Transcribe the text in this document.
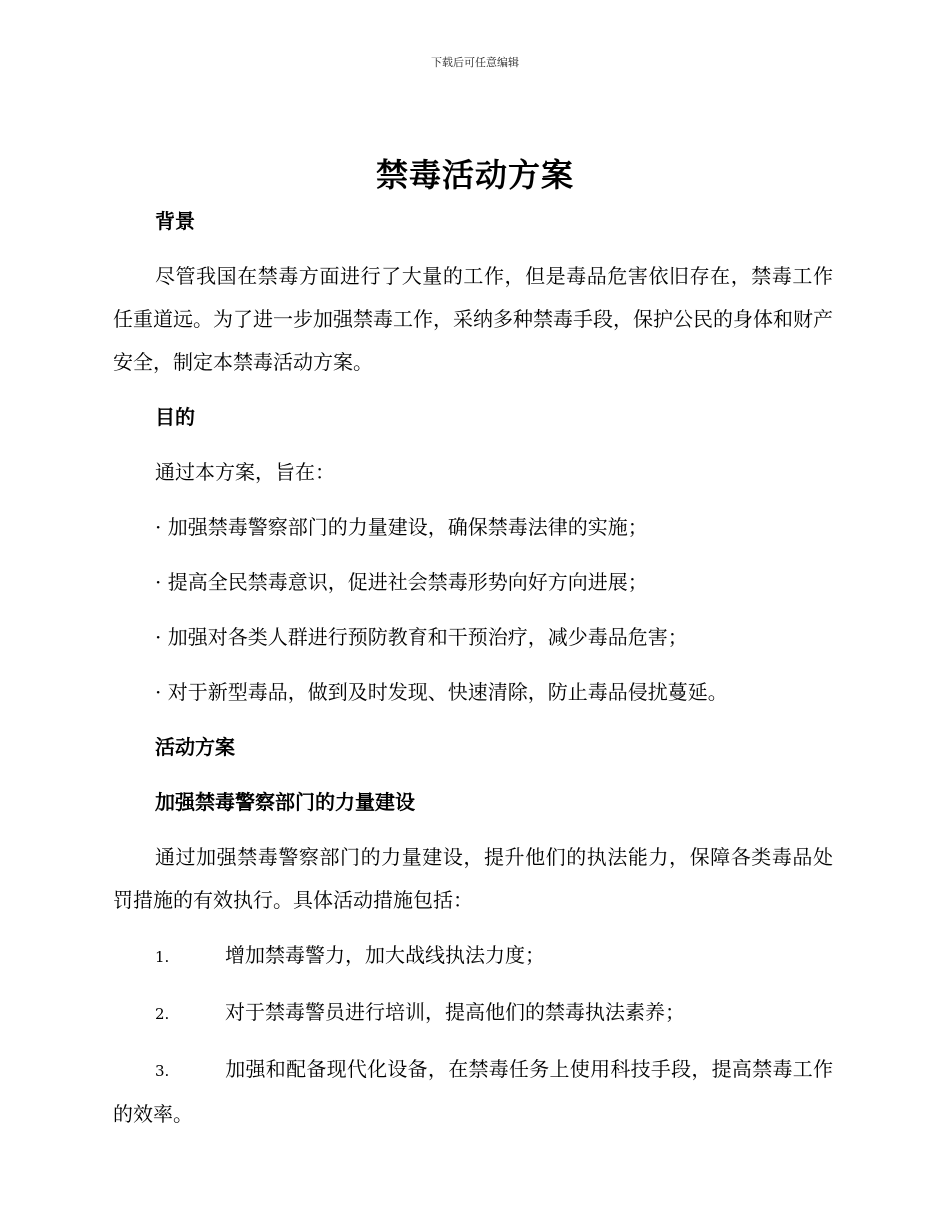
下载后可任意编辑
禁毒活动方案

背景

尽管我国在禁毒方面进行了大量的工作，但是毒品危害依旧存在，禁毒工作任重道远。为了进一步加强禁毒工作，采纳多种禁毒手段，保护公民的身体和财产安全，制定本禁毒活动方案。

目的

通过本方案，旨在：

· 加强禁毒警察部门的力量建设，确保禁毒法律的实施；

· 提高全民禁毒意识，促进社会禁毒形势向好方向进展；

· 加强对各类人群进行预防教育和干预治疗，减少毒品危害；

· 对于新型毒品，做到及时发现、快速清除，防止毒品侵扰蔓延。

活动方案

加强禁毒警察部门的力量建设

通过加强禁毒警察部门的力量建设，提升他们的执法能力，保障各类毒品处罚措施的有效执行。具体活动措施包括：

1.	增加禁毒警力，加大战线执法力度；

2.	对于禁毒警员进行培训，提高他们的禁毒执法素养；

3.	加强和配备现代化设备，在禁毒任务上使用科技手段，提高禁毒工作的效率。
